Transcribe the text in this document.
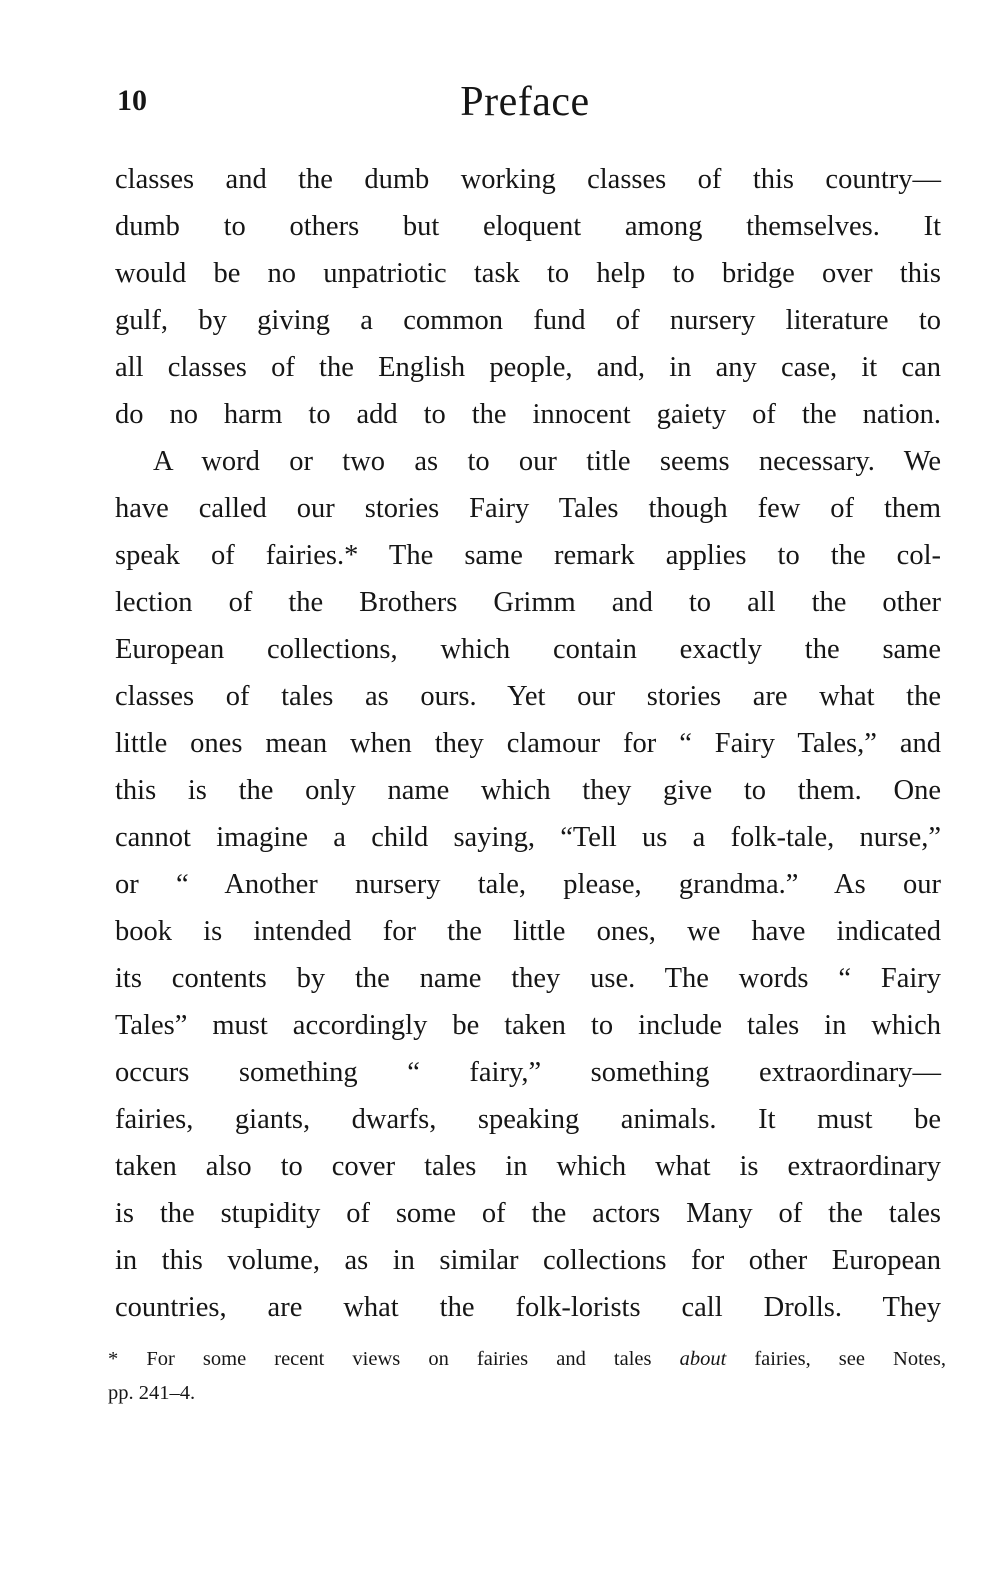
10	Preface
classes and the dumb working classes of this country—
dumb to others but eloquent among themselves. It
would be no unpatriotic task to help to bridge over this
gulf, by giving a common fund of nursery literature to
all classes of the English people, and, in any case, it can
do no harm to add to the innocent gaiety of the nation.
A word or two as to our title seems necessary. We
have called our stories Fairy Tales though few of them
speak of fairies.* The same remark applies to the col-
lection of the Brothers Grimm and to all the other
European collections, which contain exactly the same
classes of tales as ours. Yet our stories are what the
little ones mean when they clamour for “ Fairy Tales,” and
this is the only name which they give to them. One
cannot imagine a child saying, “Tell us a folk-tale, nurse,”
or “ Another nursery tale, please, grandma.” As our
book is intended for the little ones, we have indicated
its contents by the name they use. The words “ Fairy
Tales” must accordingly be taken to include tales in which
occurs something “ fairy,” something extraordinary—
fairies, giants, dwarfs, speaking animals. It must be
taken also to cover tales in which what is extraordinary
is the stupidity of some of the actors Many of the tales
in this volume, as in similar collections for other European
countries, are what the folk-lorists call Drolls. They
* For some recent views on fairies and tales about fairies, see Notes,
pp. 241–4.
